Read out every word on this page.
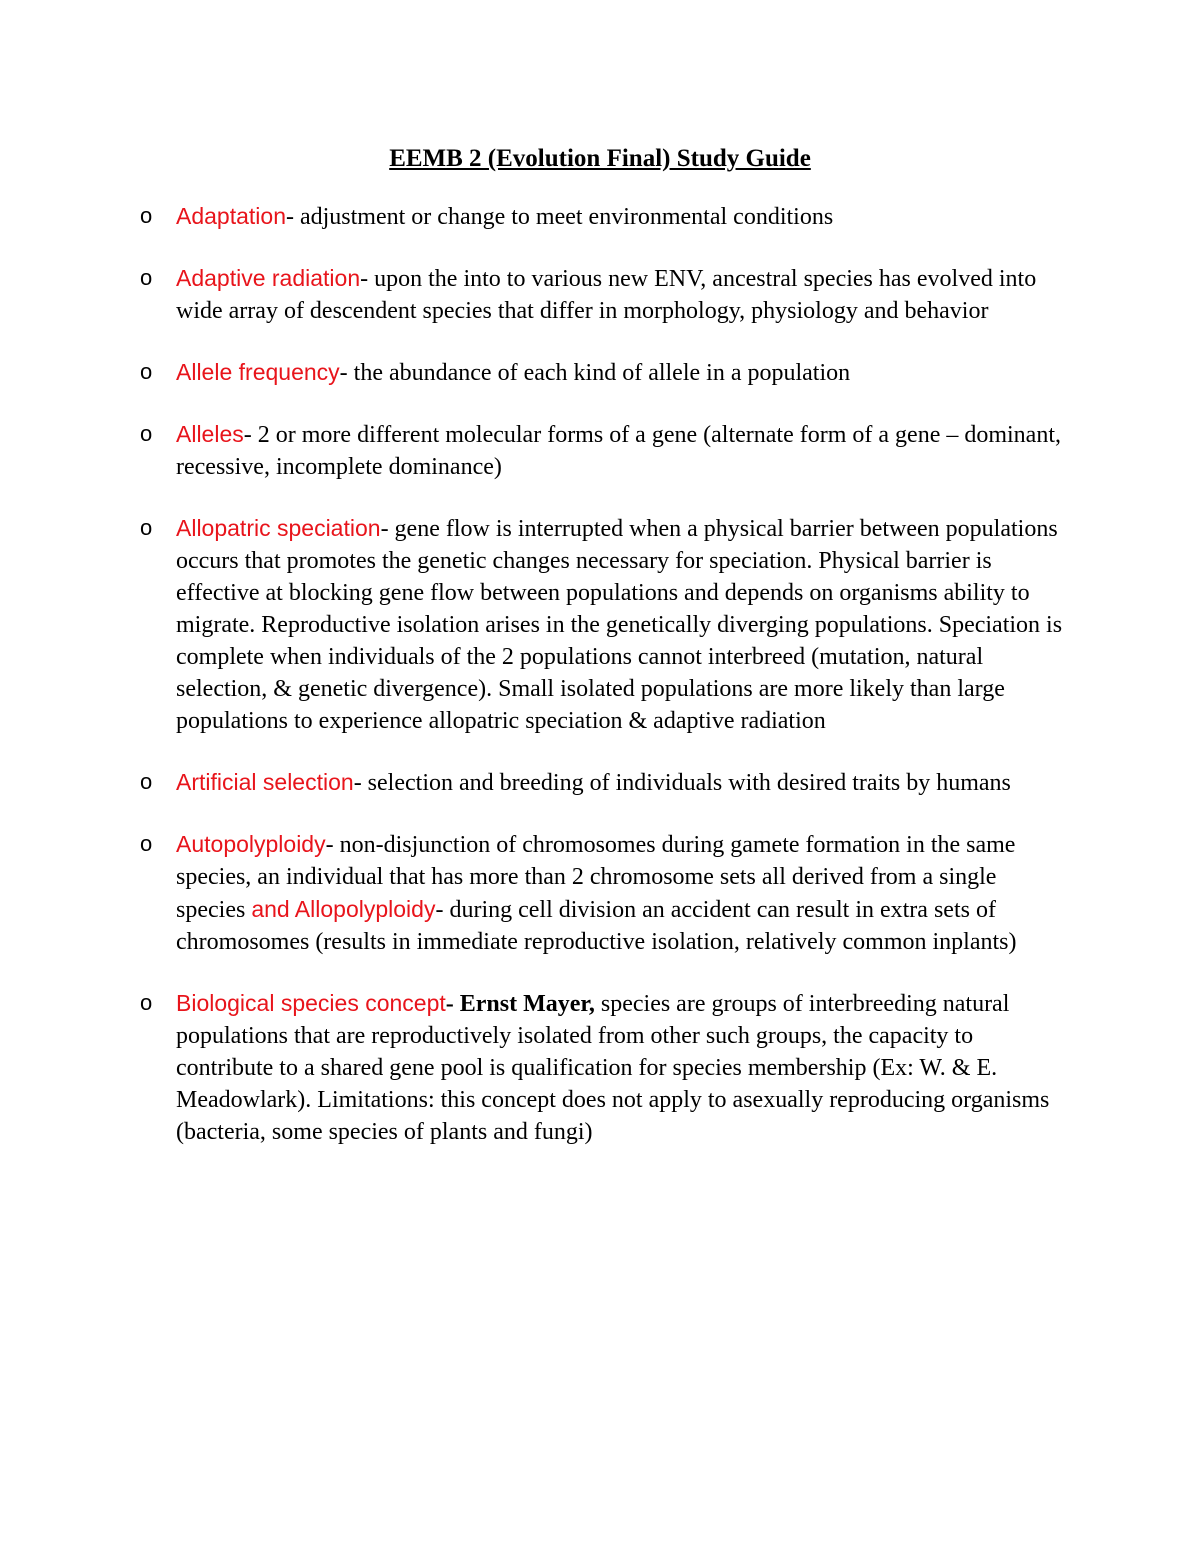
EEMB 2 (Evolution Final) Study Guide
o Adaptation- adjustment or change to meet environmental conditions
o Adaptive radiation- upon the into to various new ENV, ancestral species has evolved into wide array of descendent species that differ in morphology, physiology and behavior
o Allele frequency- the abundance of each kind of allele in a population
o Alleles- 2 or more different molecular forms of a gene (alternate form of a gene – dominant, recessive, incomplete dominance)
o Allopatric speciation- gene flow is interrupted when a physical barrier between populations occurs that promotes the genetic changes necessary for speciation. Physical barrier is effective at blocking gene flow between populations and depends on organisms ability to migrate. Reproductive isolation arises in the genetically diverging populations. Speciation is complete when individuals of the 2 populations cannot interbreed (mutation, natural selection, & genetic divergence). Small isolated populations are more likely than large populations to experience allopatric speciation & adaptive radiation
o Artificial selection- selection and breeding of individuals with desired traits by humans
o Autopolyploidy- non-disjunction of chromosomes during gamete formation in the same species, an individual that has more than 2 chromosome sets all derived from a single species and Allopolyploidy- during cell division an accident can result in extra sets of chromosomes (results in immediate reproductive isolation, relatively common inplants)
o Biological species concept- Ernst Mayer, species are groups of interbreeding natural populations that are reproductively isolated from other such groups, the capacity to contribute to a shared gene pool is qualification for species membership (Ex: W. & E. Meadowlark). Limitations: this concept does not apply to asexually reproducing organisms (bacteria, some species of plants and fungi)
